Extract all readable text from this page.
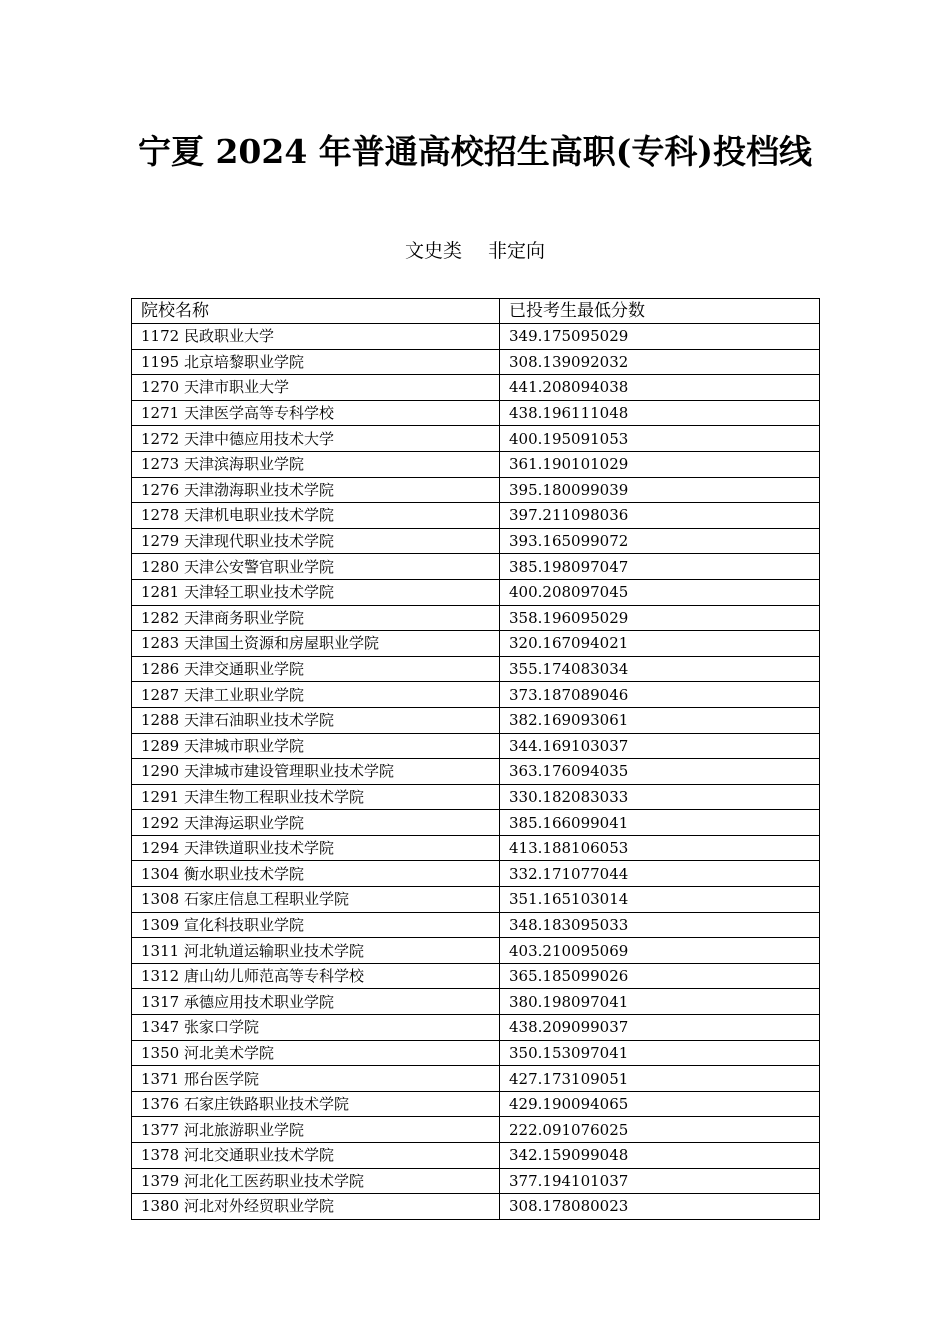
宁夏 2024 年普通高校招生高职(专科)投档线
文史类 非定向
院校名称	已投考生最低分数
1172 民政职业大学	349.175095029
1195 北京培黎职业学院	308.139092032
1270 天津市职业大学	441.208094038
1271 天津医学高等专科学校	438.196111048
1272 天津中德应用技术大学	400.195091053
1273 天津滨海职业学院	361.190101029
1276 天津渤海职业技术学院	395.180099039
1278 天津机电职业技术学院	397.211098036
1279 天津现代职业技术学院	393.165099072
1280 天津公安警官职业学院	385.198097047
1281 天津轻工职业技术学院	400.208097045
1282 天津商务职业学院	358.196095029
1283 天津国土资源和房屋职业学院	320.167094021
1286 天津交通职业学院	355.174083034
1287 天津工业职业学院	373.187089046
1288 天津石油职业技术学院	382.169093061
1289 天津城市职业学院	344.169103037
1290 天津城市建设管理职业技术学院	363.176094035
1291 天津生物工程职业技术学院	330.182083033
1292 天津海运职业学院	385.166099041
1294 天津铁道职业技术学院	413.188106053
1304 衡水职业技术学院	332.171077044
1308 石家庄信息工程职业学院	351.165103014
1309 宣化科技职业学院	348.183095033
1311 河北轨道运输职业技术学院	403.210095069
1312 唐山幼儿师范高等专科学校	365.185099026
1317 承德应用技术职业学院	380.198097041
1347 张家口学院	438.209099037
1350 河北美术学院	350.153097041
1371 邢台医学院	427.173109051
1376 石家庄铁路职业技术学院	429.190094065
1377 河北旅游职业学院	222.091076025
1378 河北交通职业技术学院	342.159099048
1379 河北化工医药职业技术学院	377.194101037
1380 河北对外经贸职业学院	308.178080023
